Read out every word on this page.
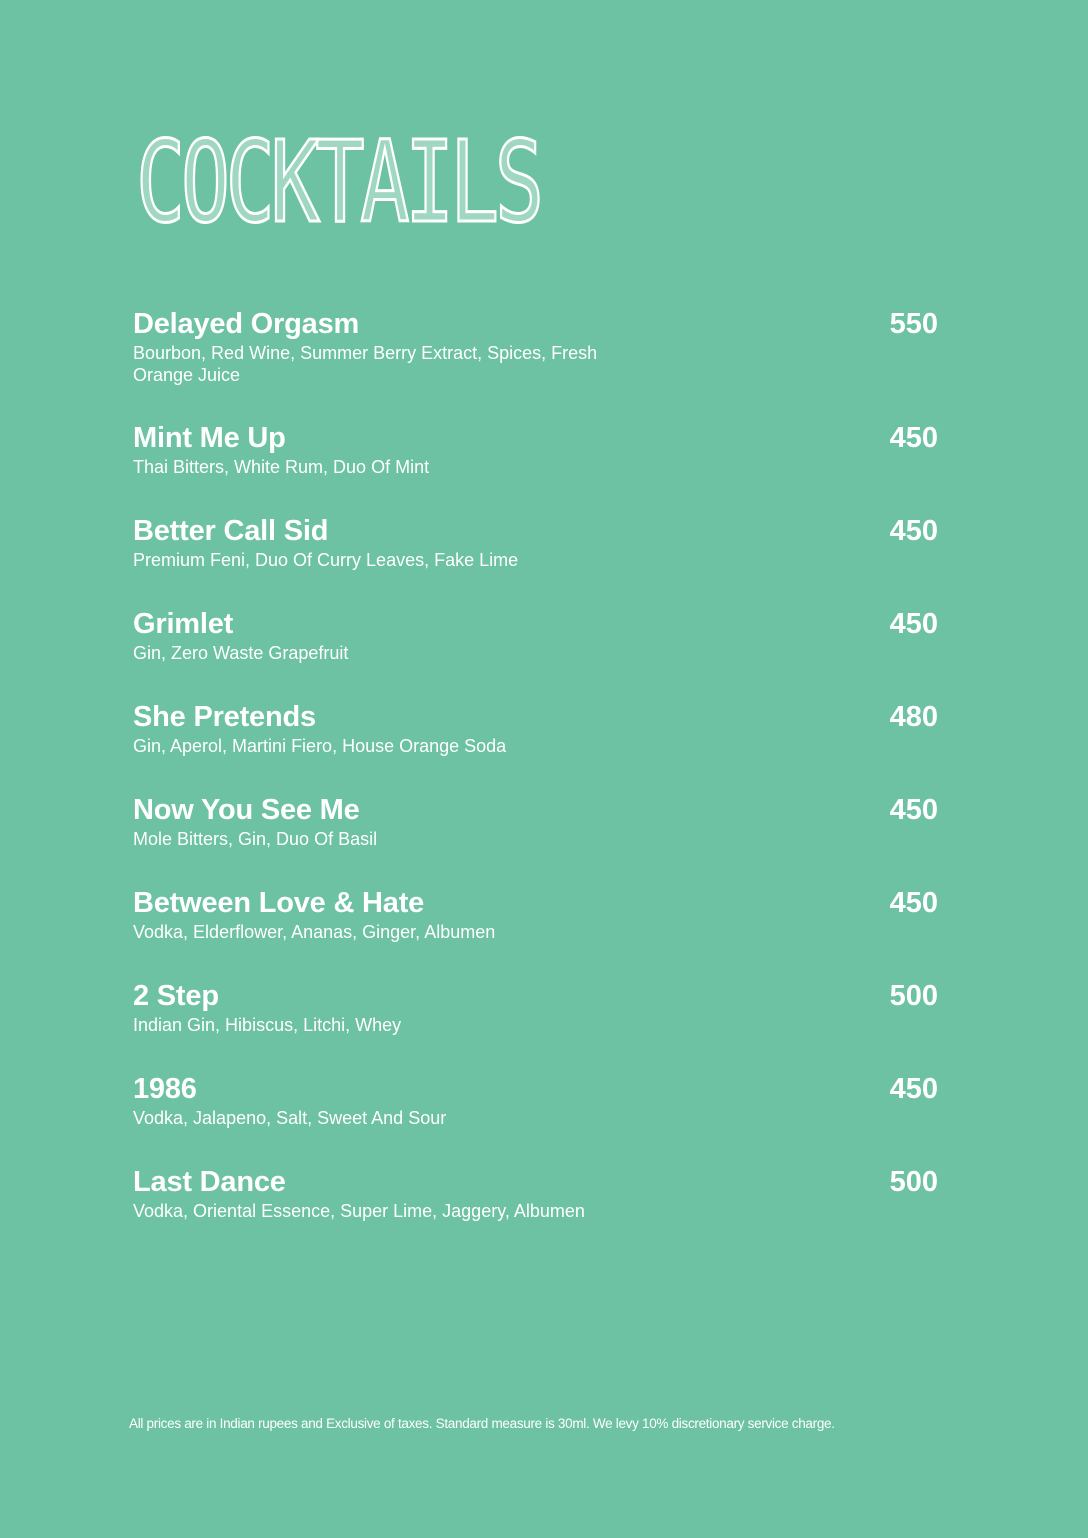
COCKTAILS
Delayed Orgasm
Bourbon, Red Wine, Summer Berry Extract, Spices, Fresh Orange Juice
550
Mint Me Up
Thai Bitters, White Rum, Duo Of Mint
450
Better Call Sid
Premium Feni, Duo Of Curry Leaves, Fake Lime
450
Grimlet
Gin, Zero Waste Grapefruit
450
She Pretends
Gin, Aperol, Martini Fiero, House Orange Soda
480
Now You See Me
Mole Bitters, Gin, Duo Of Basil
450
Between Love & Hate
Vodka, Elderflower, Ananas, Ginger, Albumen
450
2 Step
Indian Gin, Hibiscus, Litchi, Whey
500
1986
Vodka, Jalapeno, Salt, Sweet And Sour
450
Last Dance
Vodka, Oriental Essence, Super Lime, Jaggery, Albumen
500

All prices are in Indian rupees and Exclusive of taxes. Standard measure is 30ml. We levy 10% discretionary service charge.
